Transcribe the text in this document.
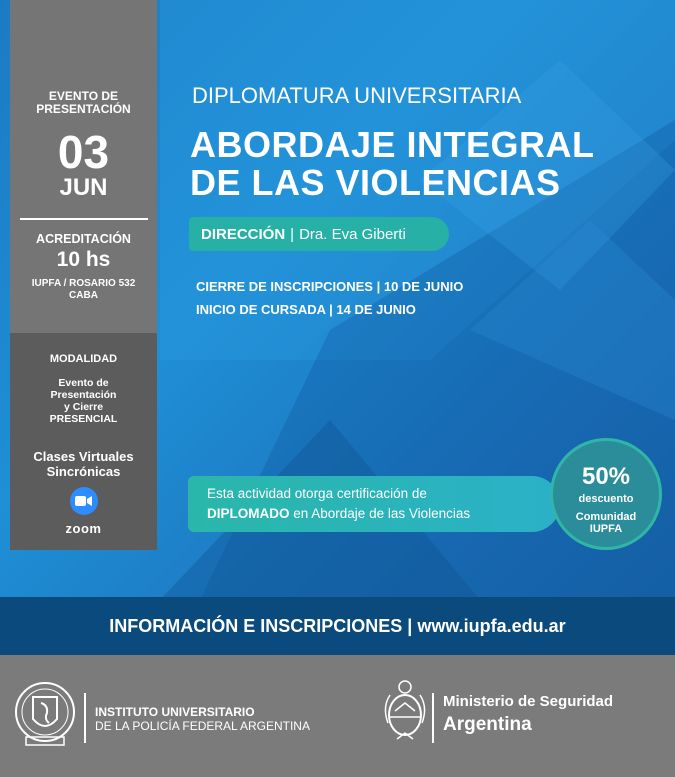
EVENTO DE PRESENTACIÓN
03
JUN
ACREDITACIÓN
10 hs
IUPFA / ROSARIO 532
CABA
MODALIDAD
Evento de
Presentación
y Cierre
PRESENCIAL
Clases Virtuales
Sincrónicas
zoom
DIPLOMATURA UNIVERSITARIA
ABORDAJE INTEGRAL
DE LAS VIOLENCIAS
DIRECCIÓN | Dra. Eva Giberti
CIERRE DE INSCRIPCIONES | 10 DE JUNIO
INICIO DE CURSADA | 14 DE JUNIO
Esta actividad otorga certificación de
DIPLOMADO en Abordaje de las Violencias
50%
descuento
Comunidad
IUPFA
INFORMACIÓN E INSCRIPCIONES | www.iupfa.edu.ar
INSTITUTO UNIVERSITARIO
DE LA POLICÍA FEDERAL ARGENTINA
Ministerio de Seguridad
Argentina
